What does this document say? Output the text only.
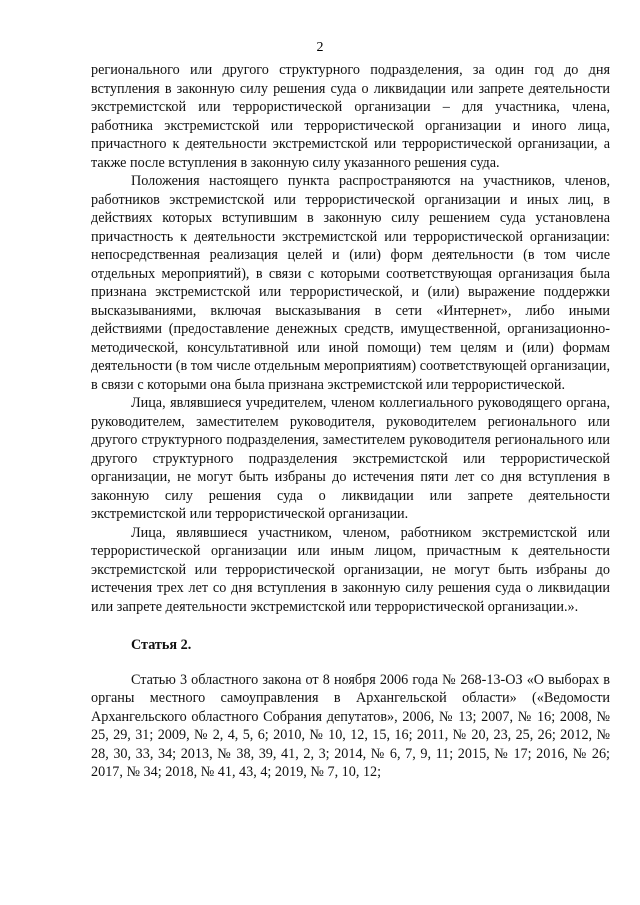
2

регионального или другого структурного подразделения, за один год до дня вступления в законную силу решения суда о ликвидации или запрете деятельности экстремистской или террористической организации – для участника, члена, работника экстремистской или террористической организации и иного лица, причастного к деятельности экстремистской или террористической организации, а также после вступления в законную силу указанного решения суда.

Положения настоящего пункта распространяются на участников, членов, работников экстремистской или террористической организации и иных лиц, в действиях которых вступившим в законную силу решением суда установлена причастность к деятельности экстремистской или террористической организации: непосредственная реализация целей и (или) форм деятельности (в том числе отдельных мероприятий), в связи с которыми соответствующая организация была признана экстремистской или террористической, и (или) выражение поддержки высказываниями, включая высказывания в сети «Интернет», либо иными действиями (предоставление денежных средств, имущественной, организационно-методической, консультативной или иной помощи) тем целям и (или) формам деятельности (в том числе отдельным мероприятиям) соответствующей организации, в связи с которыми она была признана экстремистской или террористической.

Лица, являвшиеся учредителем, членом коллегиального руководящего органа, руководителем, заместителем руководителя, руководителем регионального или другого структурного подразделения, заместителем руководителя регионального или другого структурного подразделения экстремистской или террористической организации, не могут быть избраны до истечения пяти лет со дня вступления в законную силу решения суда о ликвидации или запрете деятельности экстремистской или террористической организации.

Лица, являвшиеся участником, членом, работником экстремистской или террористической организации или иным лицом, причастным к деятельности экстремистской или террористической организации, не могут быть избраны до истечения трех лет со дня вступления в законную силу решения суда о ликвидации или запрете деятельности экстремистской или террористической организации.».

Статья 2.

Статью 3 областного закона от 8 ноября 2006 года № 268-13-ОЗ «О выборах в органы местного самоуправления в Архангельской области» («Ведомости Архангельского областного Собрания депутатов», 2006, № 13; 2007, № 16; 2008, № 25, 29, 31; 2009, № 2, 4, 5, 6; 2010, № 10, 12, 15, 16; 2011, № 20, 23, 25, 26; 2012, № 28, 30, 33, 34; 2013, № 38, 39, 41, 2, 3; 2014, № 6, 7, 9, 11; 2015, № 17; 2016, № 26; 2017, № 34; 2018, № 41, 43, 4; 2019, № 7, 10, 12;
